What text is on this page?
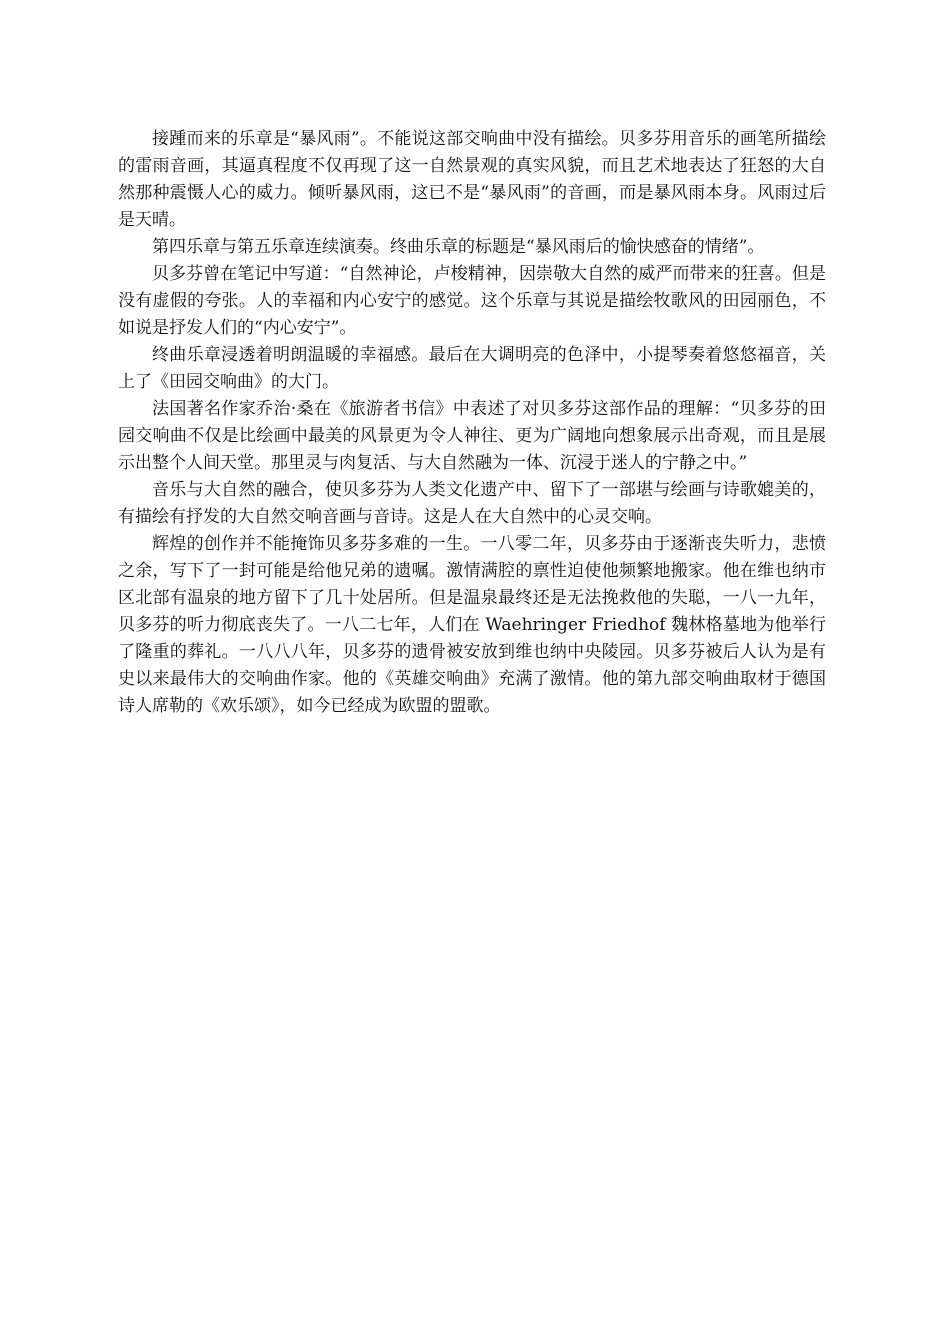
接踵而来的乐章是“暴风雨”。不能说这部交响曲中没有描绘。贝多芬用音乐的画笔所描绘的雷雨音画，其逼真程度不仅再现了这一自然景观的真实风貌，而且艺术地表达了狂怒的大自然那种震慑人心的威力。倾听暴风雨，这已不是“暴风雨”的音画，而是暴风雨本身。风雨过后是天晴。

第四乐章与第五乐章连续演奏。终曲乐章的标题是“暴风雨后的愉快感奋的情绪”。

贝多芬曾在笔记中写道：“自然神论，卢梭精神，因崇敬大自然的威严而带来的狂喜。但是没有虚假的夸张。人的幸福和内心安宁的感觉。这个乐章与其说是描绘牧歌风的田园丽色，不如说是抒发人们的“内心安宁”。

终曲乐章浸透着明朗温暖的幸福感。最后在大调明亮的色泽中，小提琴奏着悠悠福音，关上了《田园交响曲》的大门。

法国著名作家乔治·桑在《旅游者书信》中表述了对贝多芬这部作品的理解：“贝多芬的田园交响曲不仅是比绘画中最美的风景更为令人神往、更为广阔地向想象展示出奇观，而且是展示出整个人间天堂。那里灵与肉复活、与大自然融为一体、沉浸于迷人的宁静之中。”

音乐与大自然的融合，使贝多芬为人类文化遗产中、留下了一部堪与绘画与诗歌媲美的，有描绘有抒发的大自然交响音画与音诗。这是人在大自然中的心灵交响。

辉煌的创作并不能掩饰贝多芬多难的一生。一八零二年，贝多芬由于逐渐丧失听力，悲愤之余，写下了一封可能是给他兄弟的遗嘱。激情满腔的禀性迫使他频繁地搬家。他在维也纳市区北部有温泉的地方留下了几十处居所。但是温泉最终还是无法挽救他的失聪，一八一九年，贝多芬的听力彻底丧失了。一八二七年，人们在 Waehringer Friedhof 魏林格墓地为他举行了隆重的葬礼。一八八八年，贝多芬的遗骨被安放到维也纳中央陵园。贝多芬被后人认为是有史以来最伟大的交响曲作家。他的《英雄交响曲》充满了激情。他的第九部交响曲取材于德国诗人席勒的《欢乐颂》，如今已经成为欧盟的盟歌。
